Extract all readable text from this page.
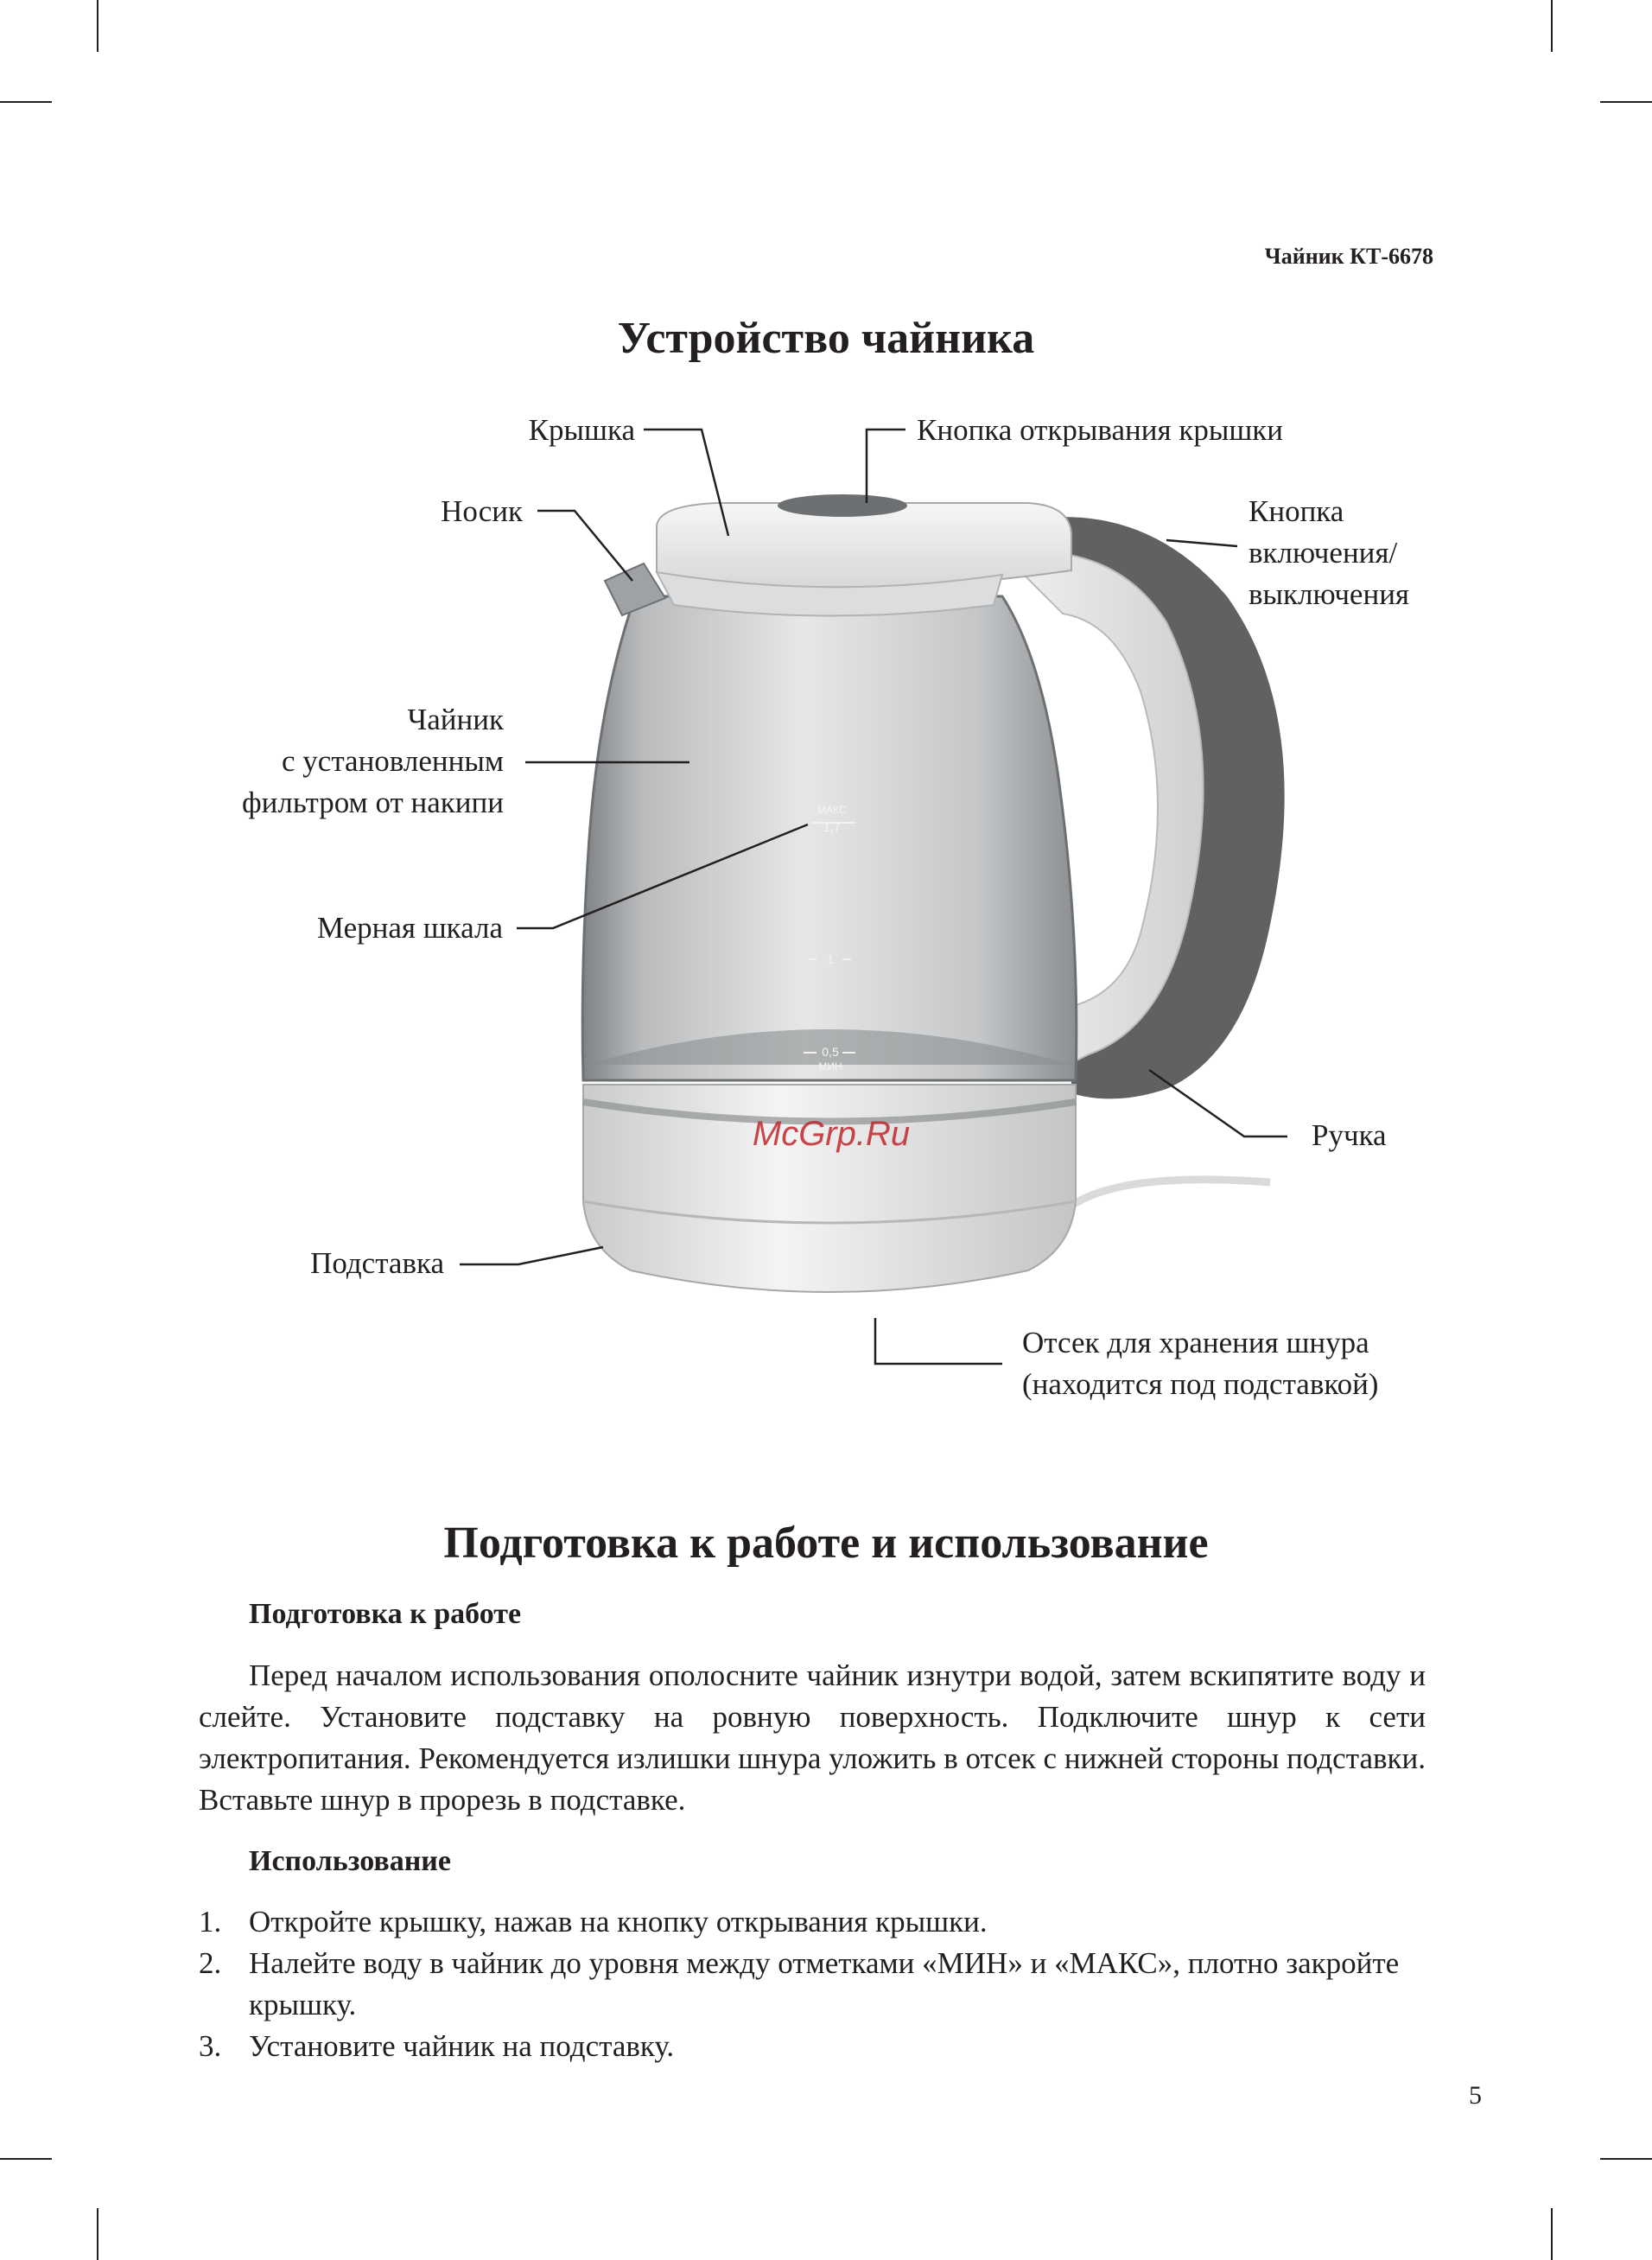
Чайник КТ-6678
Устройство чайника
МАКС
1,7
1
0,5
МИН
McGrp.Ru
Крышка	Кнопка открывания крышки
Носик	Кнопка
включения/
выключения
Чайник
с установленным
фильтром от накипи
Мерная шкала
Ручка
Подставка
Отсек для хранения шнура
(находится под подставкой)
Подготовка к работе и использование
Подготовка к работе

Перед началом использования ополосните чайник изнутри водой, затем вскипятите воду и слейте. Установите подставку на ровную поверхность. Подключите шнур к сети электропитания. Рекомендуется излишки шнура уложить в отсек с нижней стороны подставки. Вставьте шнур в прорезь в подставке.

Использование
1. Откройте крышку, нажав на кнопку открывания крышки.
2. Налейте воду в чайник до уровня между отметками «МИН» и «МАКС», плотно закройте крышку.
3. Установите чайник на подставку.
5
